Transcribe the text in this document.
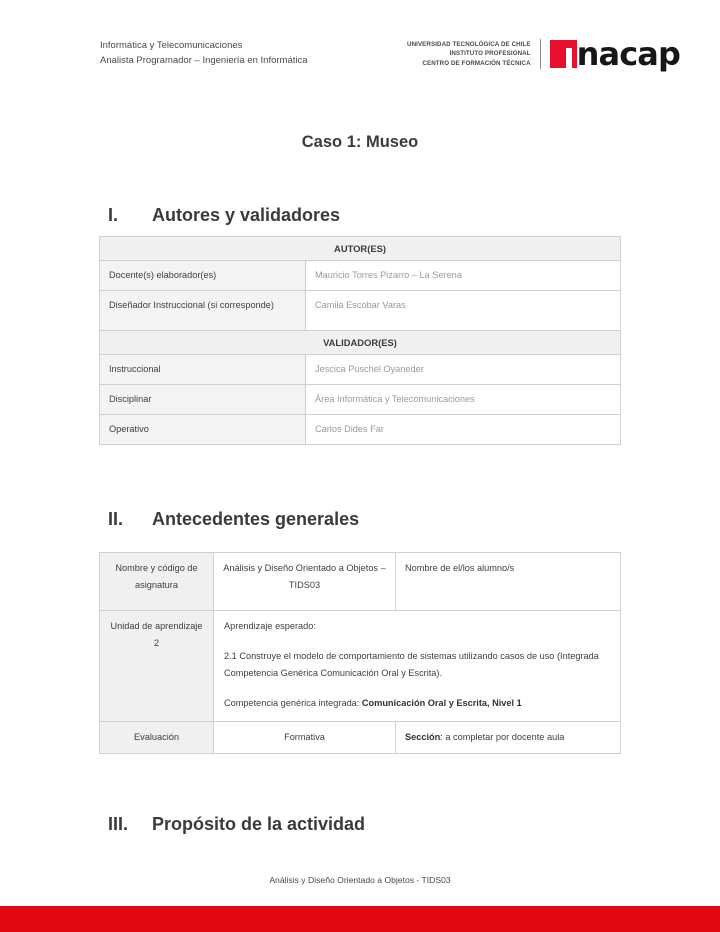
Informática y Telecomunicaciones
Analista Programador – Ingeniería en Informática
UNIVERSIDAD TECNOLÓGICA DE CHILE
INSTITUTO PROFESIONAL
CENTRO DE FORMACIÓN TÉCNICA nacap
Caso 1: Museo
I.	Autores y validadores
AUTOR(ES)	
Docente(s) elaborador(es)	Mauricio Torres Pizarro – La Serena
Diseñador Instruccional (si corresponde)	Camila Escobar Varas
VALIDADOR(ES)	
Instruccional	Jescica Puschel Oyaneder
Disciplinar	Área Informática y Telecomunicaciones
Operativo	Carlos Dides Far
II.	Antecedentes generales
Nombre y código de asignatura	Análisis y Diseño Orientado a Objetos – TIDS03	Nombre de el/los alumno/s
Unidad de aprendizaje 2	Aprendizaje esperado:

2.1 Construye el modelo de comportamiento de sistemas utilizando casos de uso (Integrada Competencia Genérica Comunicación Oral y Escrita).

Competencia genérica integrada: Comunicación Oral y Escrita, Nivel 1	

Evaluación	Formativa	Sección: a completar por docente aula
III.	Propósito de la actividad
Análisis y Diseño Orientado a Objetos - TIDS03
